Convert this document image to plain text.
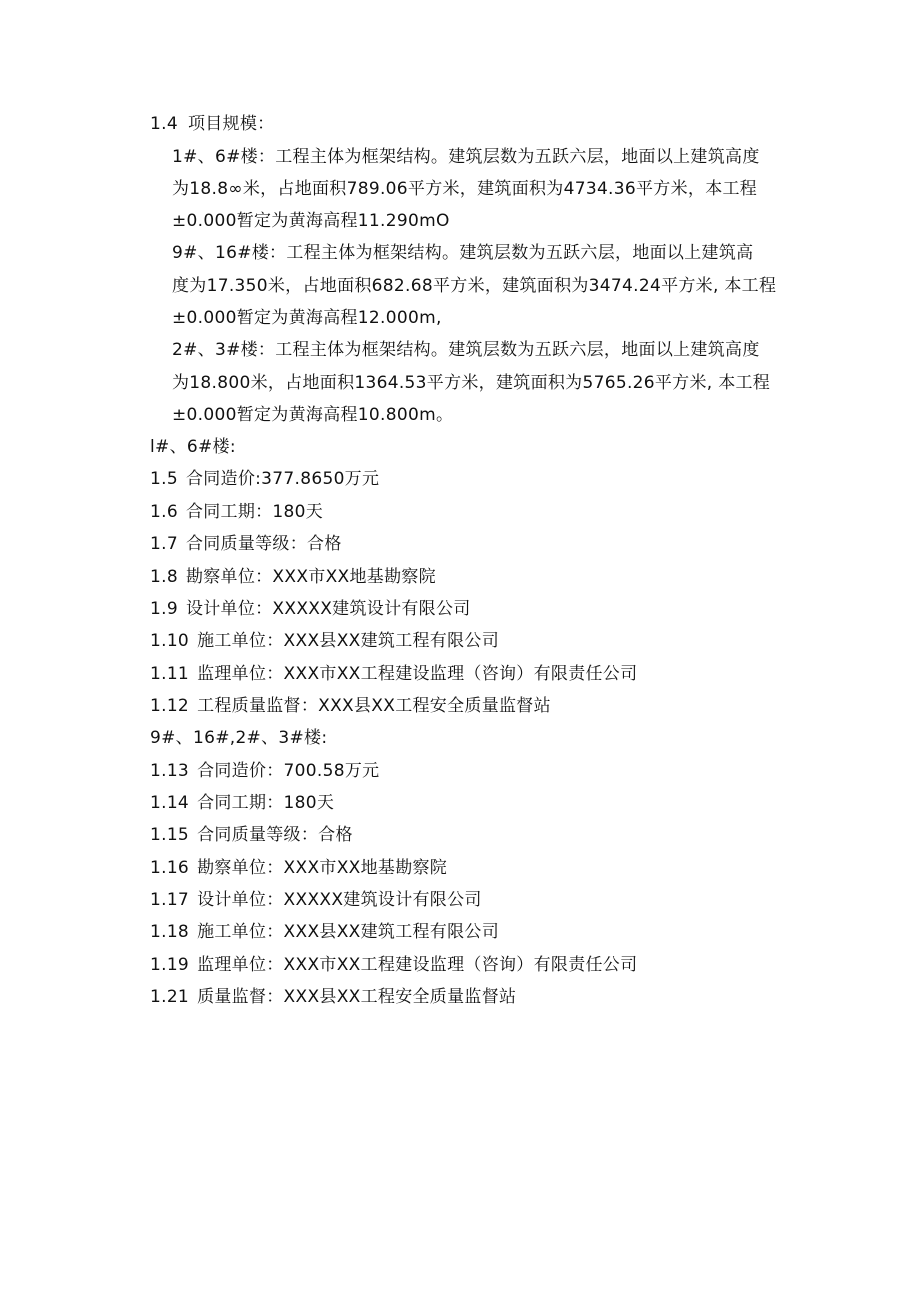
1.4 项目规模：
1#、6#楼：工程主体为框架结构。建筑层数为五跃六层，地面以上建筑高度
为18.8∞米，占地面积789.06平方米，建筑面积为4734.36平方米，本工程
±0.000暂定为黄海高程11.290mO
9#、16#楼：工程主体为框架结构。建筑层数为五跃六层，地面以上建筑高
度为17.350米，占地面积682.68平方米，建筑面积为3474.24平方米, 本工程
±0.000暂定为黄海高程12.000m,
2#、3#楼：工程主体为框架结构。建筑层数为五跃六层，地面以上建筑高度
为18.800米，占地面积1364.53平方米，建筑面积为5765.26平方米, 本工程
±0.000暂定为黄海高程10.800m。
l#、6#楼:
1.5 合同造价:377.8650万元
1.6 合同工期：180天
1.7 合同质量等级：合格
1.8 勘察单位：XXX市XX地基勘察院
1.9 设计单位：XXXXX建筑设计有限公司
1.10 施工单位：XXX县XX建筑工程有限公司
1.11 监理单位：XXX市XX工程建设监理（咨询）有限责任公司
1.12 工程质量监督：XXX县XX工程安全质量监督站
9#、16#,2#、3#楼:
1.13 合同造价：700.58万元
1.14 合同工期：180天
1.15 合同质量等级：合格
1.16 勘察单位：XXX市XX地基勘察院
1.17 设计单位：XXXXX建筑设计有限公司
1.18 施工单位：XXX县XX建筑工程有限公司
1.19 监理单位：XXX市XX工程建设监理（咨询）有限责任公司
1.21 质量监督：XXX县XX工程安全质量监督站
